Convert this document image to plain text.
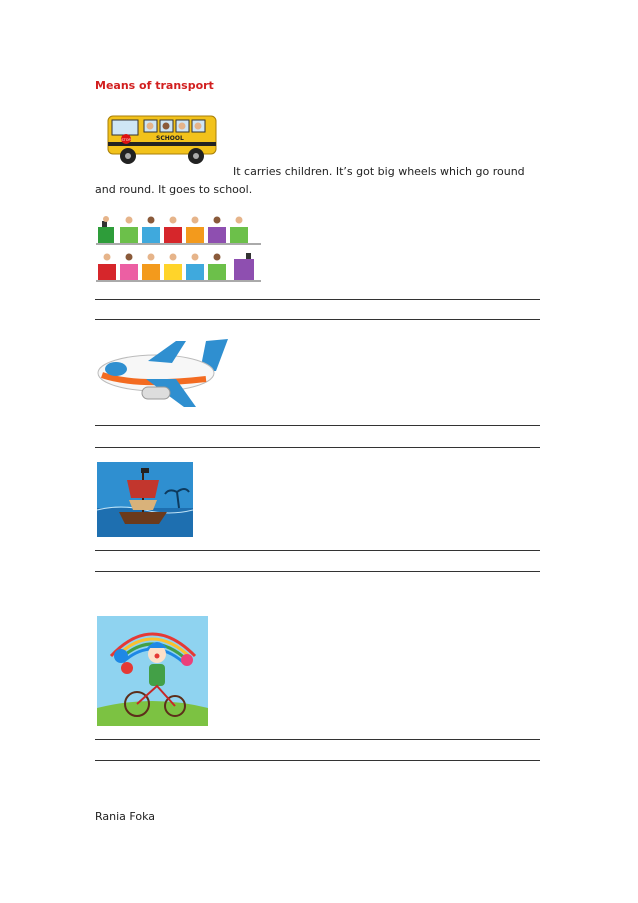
Means of transport
STOP	SCHOOL
It carries children. It’s got big wheels which go round
and round. It goes to school.
Rania Foka
